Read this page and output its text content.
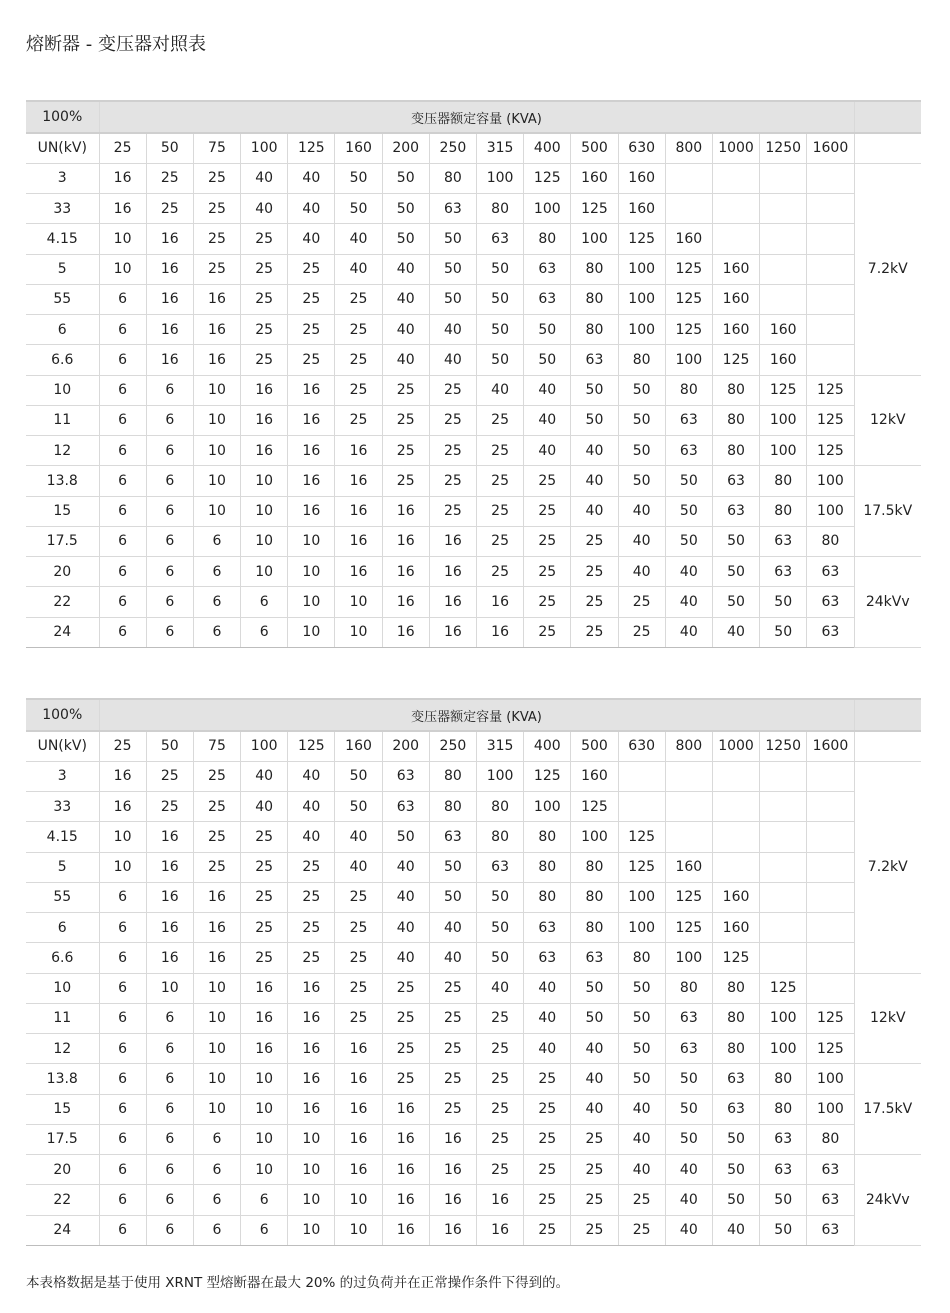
熔断器 - 变压器对照表
100%	变压器额定容量 (KVA)																
UN(kV)	25	50	75	100	125	160	200	250	315	400	500	630	800	1000	1250	1600	
3	16	25	25	40	40	50	50	80	100	125	160	160					7.2kV
33	16	25	25	40	40	50	50	63	80	100	125	160					
4.15	10	16	25	25	40	40	50	50	63	80	100	125	160				
5	10	16	25	25	25	40	40	50	50	63	80	100	125	160			
55	6	16	16	25	25	25	40	50	50	63	80	100	125	160			
6	6	16	16	25	25	25	40	40	50	50	80	100	125	160	160		
6.6	6	16	16	25	25	25	40	40	50	50	63	80	100	125	160		
10	6	6	10	16	16	25	25	25	40	40	50	50	80	80	125	125	12kV
11	6	6	10	16	16	25	25	25	25	40	50	50	63	80	100	125	
12	6	6	10	16	16	16	25	25	25	40	40	50	63	80	100	125	
13.8	6	6	10	10	16	16	25	25	25	25	40	50	50	63	80	100	17.5kV
15	6	6	10	10	16	16	16	25	25	25	40	40	50	63	80	100	
17.5	6	6	6	10	10	16	16	16	25	25	25	40	50	50	63	80	
20	6	6	6	10	10	16	16	16	25	25	25	40	40	50	63	63	24kVv
22	6	6	6	6	10	10	16	16	16	25	25	25	40	50	50	63	
24	6	6	6	6	10	10	16	16	16	25	25	25	40	40	50	63	
100%	变压器额定容量 (KVA)																
UN(kV)	25	50	75	100	125	160	200	250	315	400	500	630	800	1000	1250	1600	
3	16	25	25	40	40	50	63	80	100	125	160						7.2kV
33	16	25	25	40	40	50	63	80	80	100	125						
4.15	10	16	25	25	40	40	50	63	80	80	100	125					
5	10	16	25	25	25	40	40	50	63	80	80	125	160				
55	6	16	16	25	25	25	40	50	50	80	80	100	125	160			
6	6	16	16	25	25	25	40	40	50	63	80	100	125	160			
6.6	6	16	16	25	25	25	40	40	50	63	63	80	100	125			
10	6	10	10	16	16	25	25	25	40	40	50	50	80	80	125		12kV
11	6	6	10	16	16	25	25	25	25	40	50	50	63	80	100	125	
12	6	6	10	16	16	16	25	25	25	40	40	50	63	80	100	125	
13.8	6	6	10	10	16	16	25	25	25	25	40	50	50	63	80	100	17.5kV
15	6	6	10	10	16	16	16	25	25	25	40	40	50	63	80	100	
17.5	6	6	6	10	10	16	16	16	25	25	25	40	50	50	63	80	
20	6	6	6	10	10	16	16	16	25	25	25	40	40	50	63	63	24kVv
22	6	6	6	6	10	10	16	16	16	25	25	25	40	50	50	63	
24	6	6	6	6	10	10	16	16	16	25	25	25	40	40	50	63	
本表格数据是基于使用 XRNT 型熔断器在最大 20% 的过负荷并在正常操作条件下得到的。
